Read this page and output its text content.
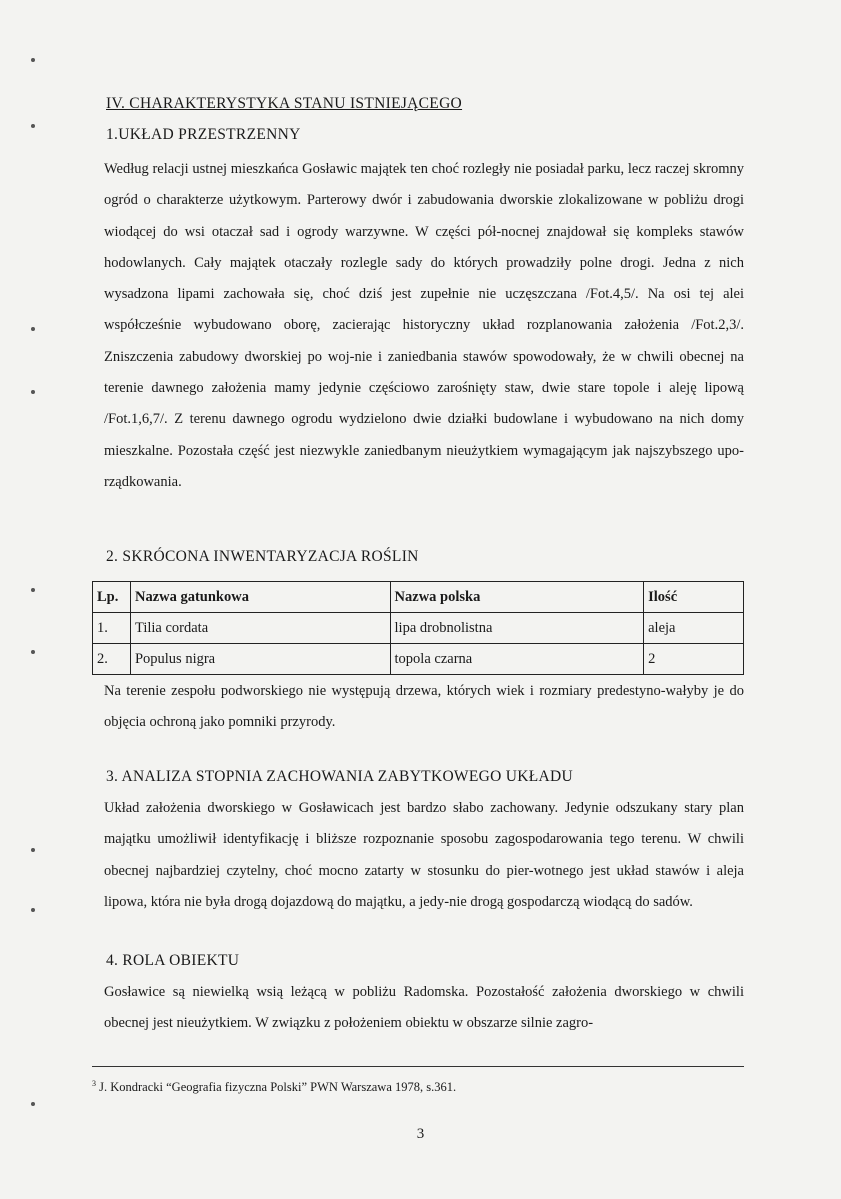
IV. CHARAKTERYSTYKA STANU ISTNIEJĄCEGO
1.UKŁAD PRZESTRZENNY
Według relacji ustnej mieszkańca Gosławic majątek ten choć rozległy nie posiadał parku, lecz raczej skromny ogród o charakterze użytkowym. Parterowy dwór i zabudowania dworskie zlokalizowane w pobliżu drogi wiodącej do wsi otaczał sad i ogrody warzywne. W części pół-nocnej znajdował się kompleks stawów hodowlanych. Cały majątek otaczały rozlegle sady do których prowadziły polne drogi. Jedna z nich wysadzona lipami zachowała się, choć dziś jest zupełnie nie uczęszczana /Fot.4,5/. Na osi tej alei współcześnie wybudowano oborę, zacierając historyczny układ rozplanowania założenia /Fot.2,3/. Zniszczenia zabudowy dworskiej po woj-nie i zaniedbania stawów spowodowały, że w chwili obecnej na terenie dawnego założenia mamy jedynie częściowo zarośnięty staw, dwie stare topole i aleję lipową /Fot.1,6,7/. Z terenu dawnego ogrodu wydzielono dwie działki budowlane i wybudowano na nich domy mieszkalne. Pozostała część jest niezwykle zaniedbanym nieużytkiem wymagającym jak najszybszego upo-rządkowania.
2. SKRÓCONA INWENTARYZACJA ROŚLIN
Lp.	Nazwa gatunkowa	Nazwa polska	Ilość
1.	Tilia cordata	lipa drobnolistna	aleja
2.	Populus nigra	topola czarna	2
Na terenie zespołu podworskiego nie występują drzewa, których wiek i rozmiary predestyno-wałyby je do objęcia ochroną jako pomniki przyrody.
3. ANALIZA STOPNIA ZACHOWANIA ZABYTKOWEGO UKŁADU
Układ założenia dworskiego w Gosławicach jest bardzo słabo zachowany. Jedynie odszukany stary plan majątku umożliwił identyfikację i bliższe rozpoznanie sposobu zagospodarowania tego terenu. W chwili obecnej najbardziej czytelny, choć mocno zatarty w stosunku do pier-wotnego jest układ stawów i aleja lipowa, która nie była drogą dojazdową do majątku, a jedy-nie drogą gospodarczą wiodącą do sadów.
4. ROLA OBIEKTU
Gosławice są niewielką wsią leżącą w pobliżu Radomska. Pozostałość założenia dworskiego w chwili obecnej jest nieużytkiem. W związku z położeniem obiektu w obszarze silnie zagro-
$^3$ J. Kondracki “Geografia fizyczna Polski” PWN Warszawa 1978, s.361.
3
